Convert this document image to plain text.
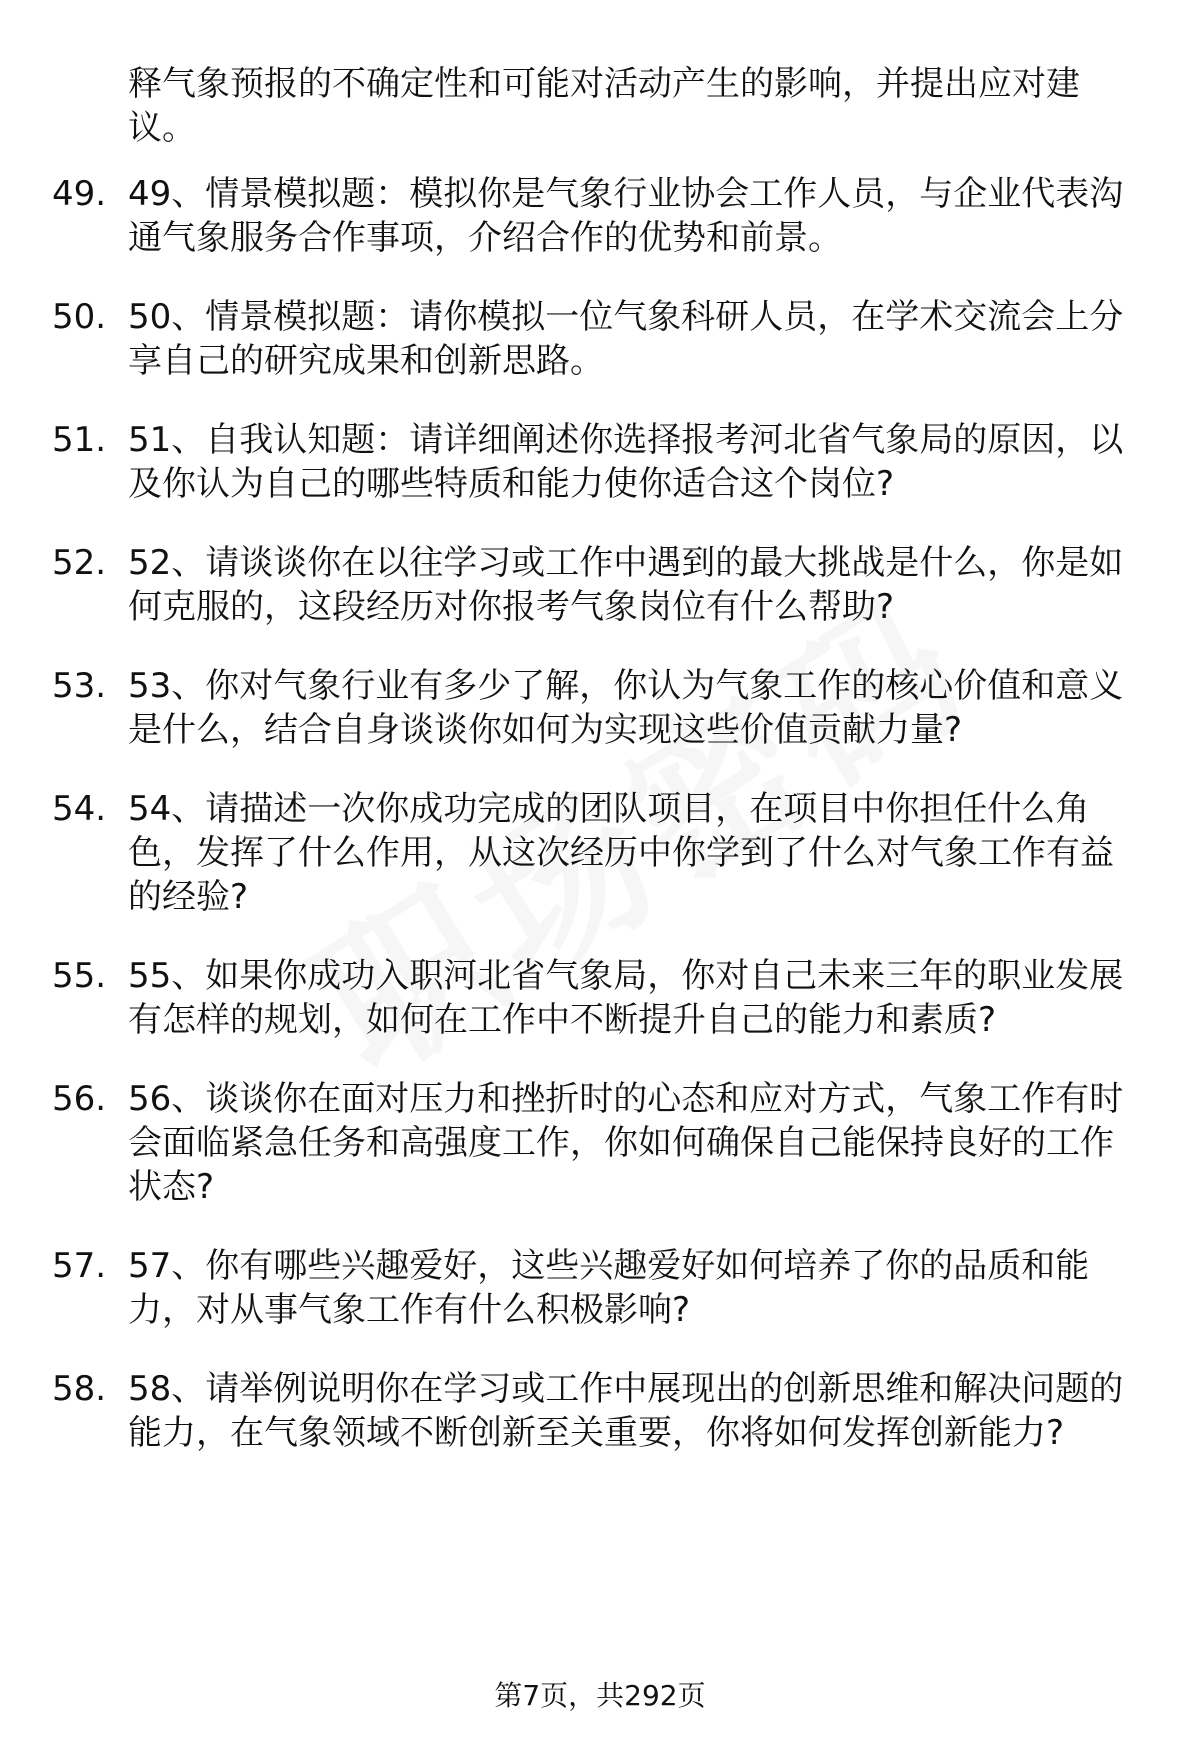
释气象预报的不确定性和可能对活动产生的影响，并提出应对建议。
49. 49、情景模拟题：模拟你是气象行业协会工作人员，与企业代表沟通气象服务合作事项，介绍合作的优势和前景。
50. 50、情景模拟题：请你模拟一位气象科研人员，在学术交流会上分享自己的研究成果和创新思路。
51. 51、自我认知题：请详细阐述你选择报考河北省气象局的原因，以及你认为自己的哪些特质和能力使你适合这个岗位?
52. 52、请谈谈你在以往学习或工作中遇到的最大挑战是什么，你是如何克服的，这段经历对你报考气象岗位有什么帮助?
53. 53、你对气象行业有多少了解，你认为气象工作的核心价值和意义是什么，结合自身谈谈你如何为实现这些价值贡献力量?
54. 54、请描述一次你成功完成的团队项目，在项目中你担任什么角色，发挥了什么作用，从这次经历中你学到了什么对气象工作有益的经验?
55. 55、如果你成功入职河北省气象局，你对自己未来三年的职业发展有怎样的规划，如何在工作中不断提升自己的能力和素质?
56. 56、谈谈你在面对压力和挫折时的心态和应对方式，气象工作有时会面临紧急任务和高强度工作，你如何确保自己能保持良好的工作状态?
57. 57、你有哪些兴趣爱好，这些兴趣爱好如何培养了你的品质和能力，对从事气象工作有什么积极影响?
58. 58、请举例说明你在学习或工作中展现出的创新思维和解决问题的能力，在气象领域不断创新至关重要，你将如何发挥创新能力?
第7页，共292页
